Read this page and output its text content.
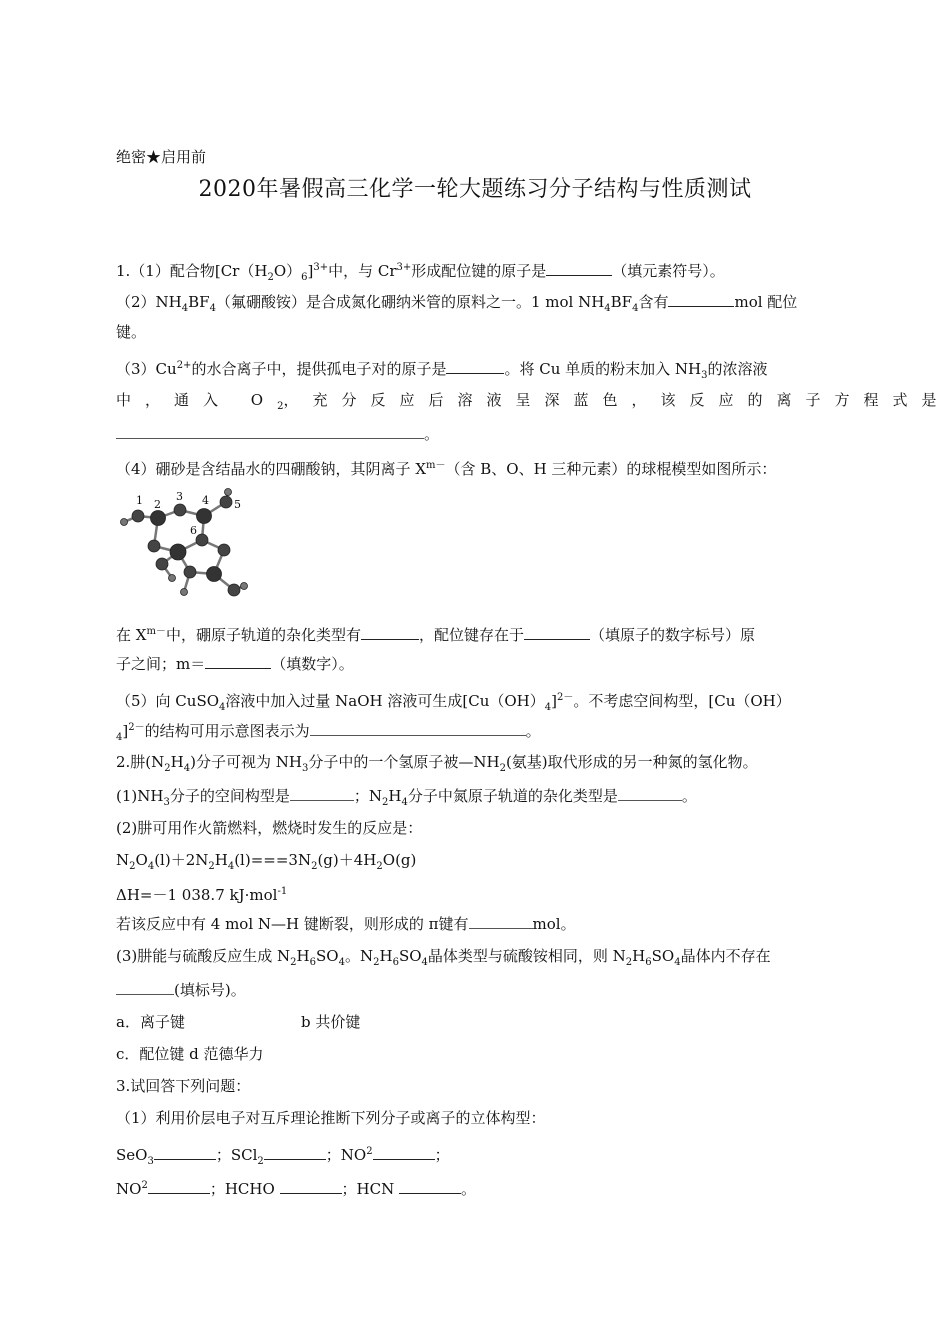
绝密★启用前
2020年暑假高三化学一轮大题练习分子结构与性质测试
1.（1）配合物$[Cr(H_2O)_6]^{3+}$中，与 $Cr^{3+}$形成配位键的原子是	（填元素符号）。
$(2)NH_4BF_4$（氟硼酸铵）是合成氮化硼纳米管的原料之一。1 mol $NH_4BF_4$含有	mol 配位
键。
$(3)Cu^{2+}$的水合离子中，提供孤电子对的原子是	。将 Cu 单质的粉末加入 $NH_3$的浓溶液
中，通入 $O_2$，充分反应后溶液呈深蓝色，该反应的离子方程式是
。
（4）硼砂是含结晶水的四硼酸钠，其阴离子 $X^{m-}$（含 B、O、H 三种元素）的球棍模型如图所示：
1 2
3 4 5
6
在 $X^{m-}$中，硼原子轨道的杂化类型有	，配位键存在于	（填原子的数字标号）原
子之间；m＝	（填数字）。
（5）向 CuSO$_4$溶液中加入过量 NaOH 溶液可生成$[Cu(OH)_4]^{2-}$。不考虑空间构型，[Cu（OH）
$_4$]$^{2-}$的结构可用示意图表示为	。
2.肼$(N_2H_4)$分子可视为 $NH_3$分子中的一个氢原子被$—NH_2$(氨基)取代形成的另一种氮的氢化物。
$(1)NH_3$分子的空间构型是	；$N_2H_4$分子中氮原子轨道的杂化类型是	。
(2)肼可用作火箭燃料，燃烧时发生的反应是：
$N_2O_4(l)+2N_2H_4(l)===3N_2(g)+4H_2O(g)$
ΔH=－1 038.7 kJ·mol$^{-1}$
若该反应中有 4 mol N—H 键断裂，则形成的 π键有	mol。
(3)肼能与硫酸反应生成 $N_2H_6SO_4$。$N_2H_6SO_4$晶体类型与硫酸铵相同，则 $N_2H_6SO_4$晶体内不存在
(填标号)。
a．离子键	b 共价键
c．配位键 d 范德华力
3.试回答下列问题：
（1）利用价层电子对互斥理论推断下列分子或离子的立体构型：
SeO$_3$	；SCl$_2$	；$NO^2$	；
$NO^2$	；HCHO	；HCN	。
